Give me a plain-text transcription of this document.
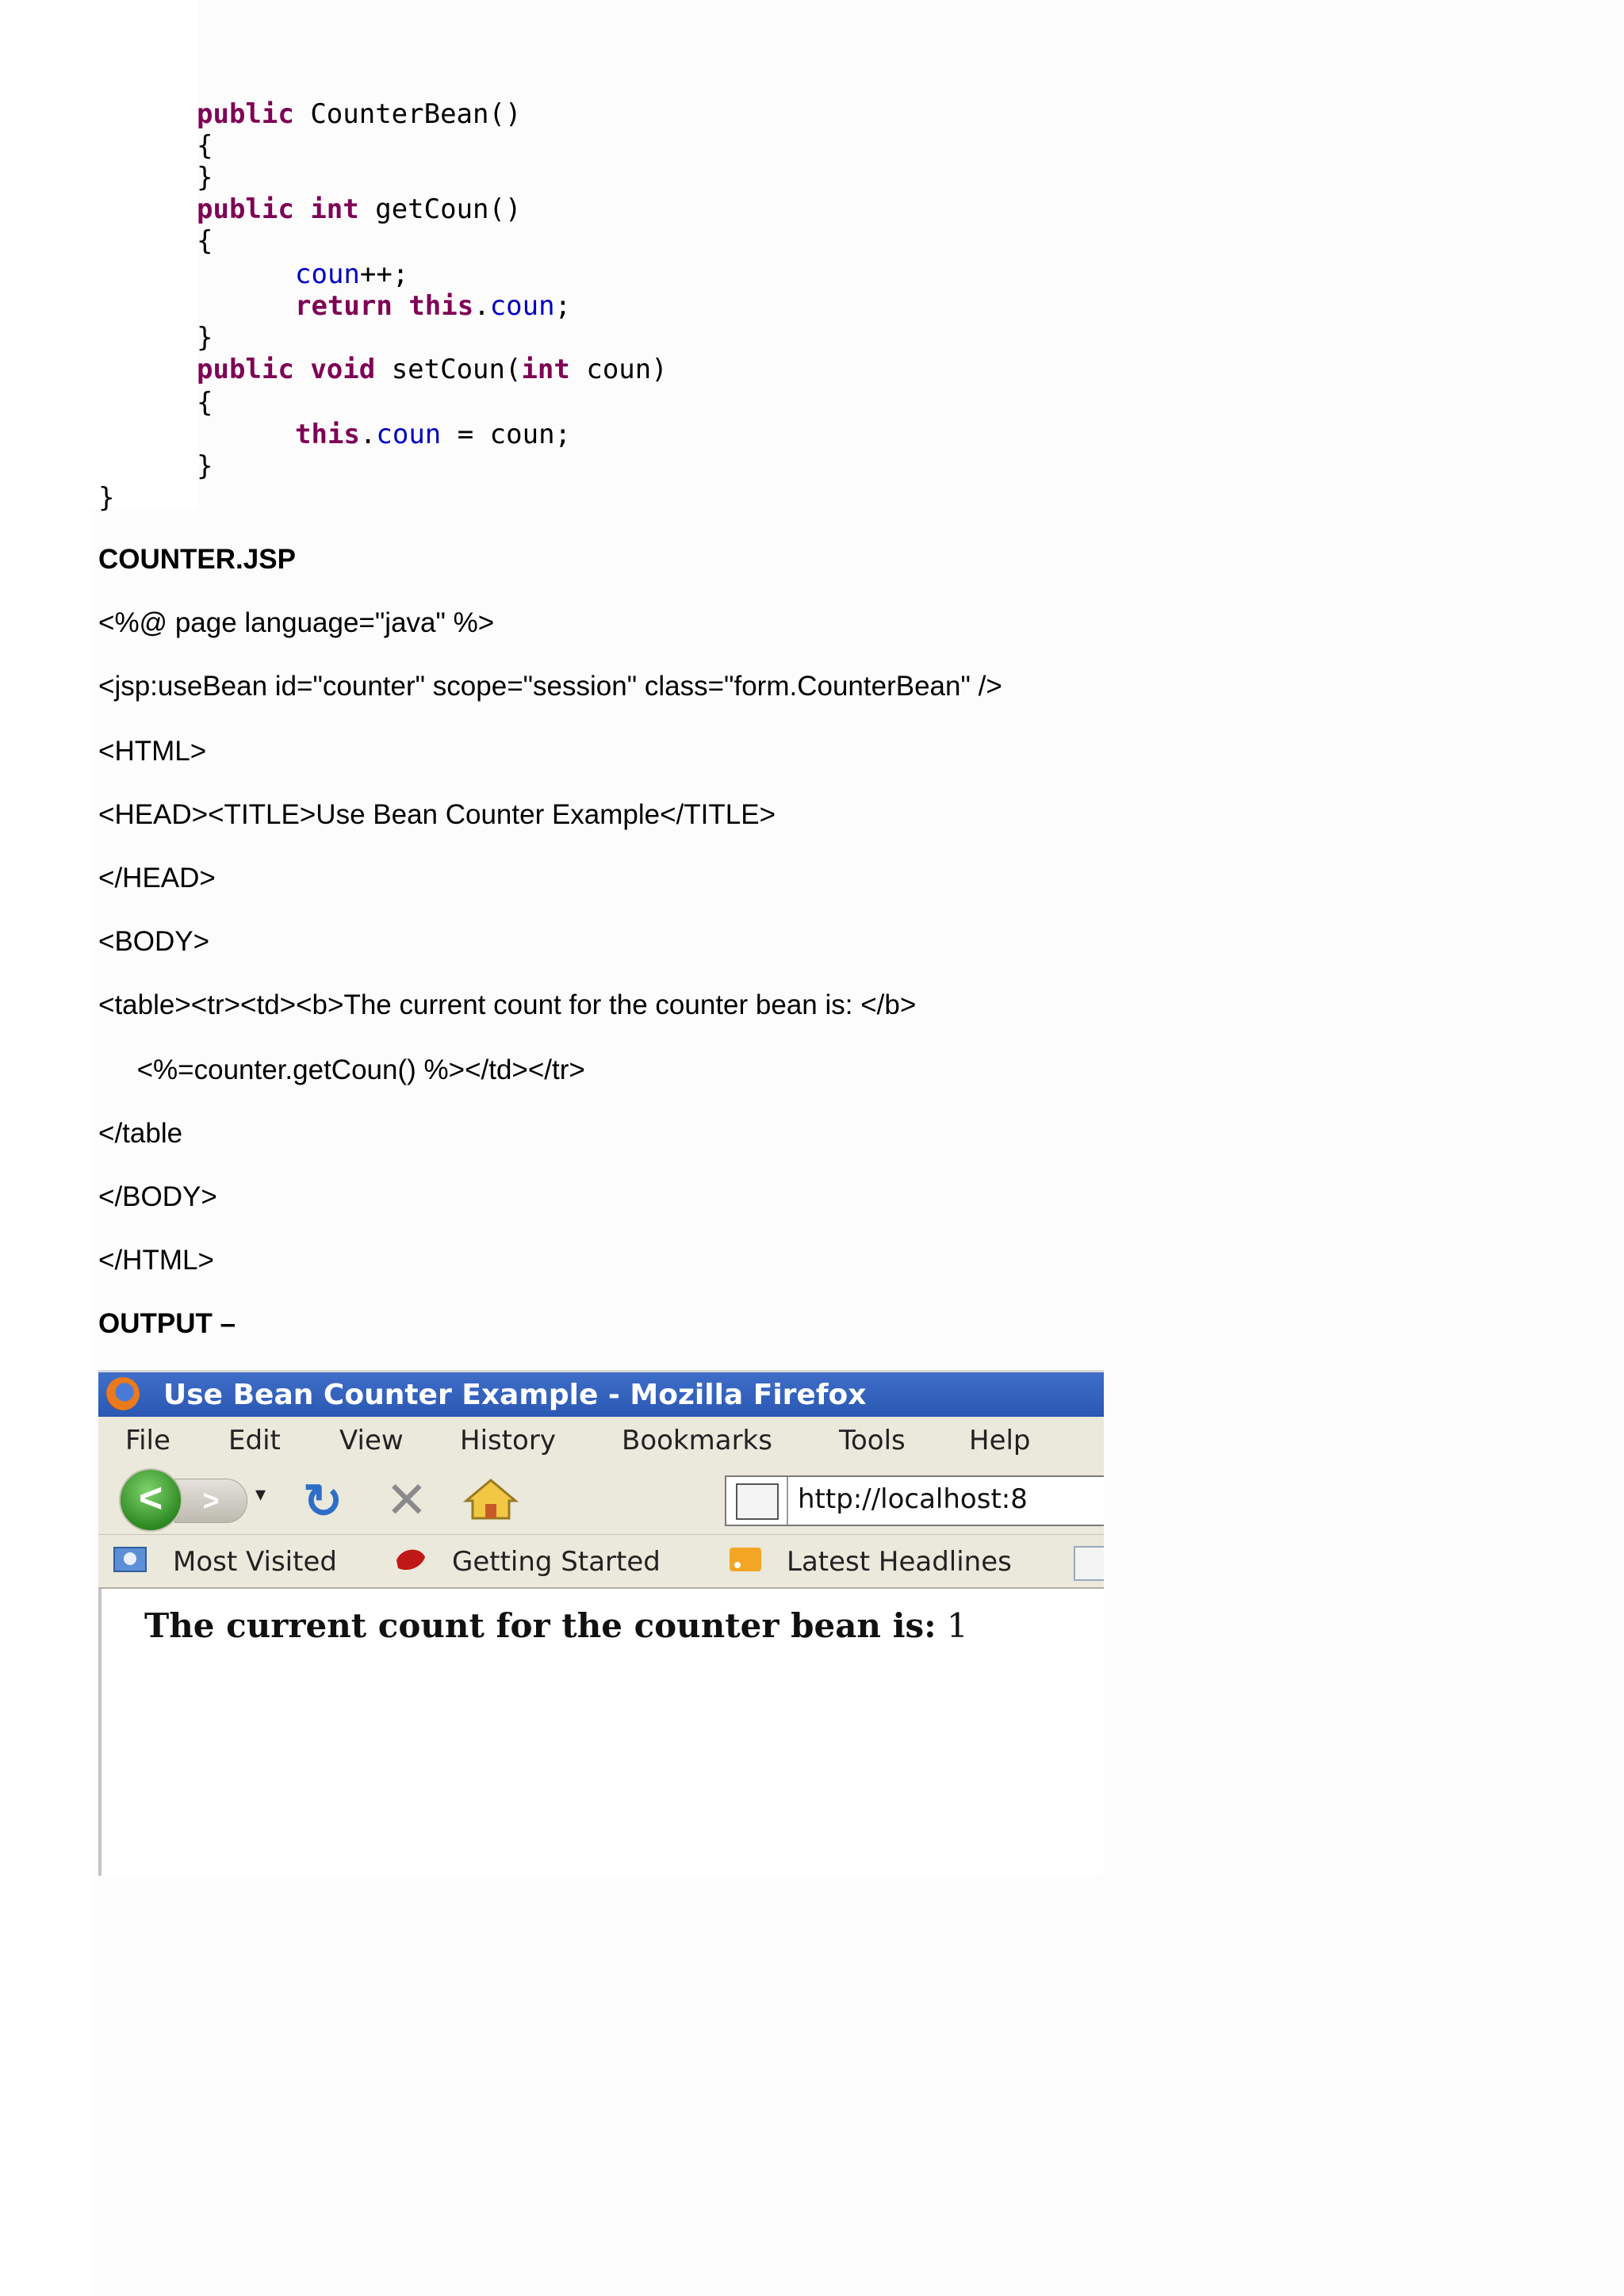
public CounterBean()
{
}
public int getCoun()
{
coun++;
return this.coun;
}
public void setCoun(int coun)
{
this.coun = coun;
}
}
COUNTER.JSP
<%@ page language="java" %>
<jsp:useBean id="counter" scope="session" class="form.CounterBean" />
<HTML>
<HEAD><TITLE>Use Bean Counter Example</TITLE>
</HEAD>
<BODY>
<table><tr><td><b>The current count for the counter bean is: </b>
<%=counter.getCoun() %></td></tr>
</table
</BODY>
</HTML>
OUTPUT –
Use Bean Counter Example - Mozilla Firefox
File Edit View History Bookmarks Tools Help
>
<	▾ ↻ ✕	http://localhost:8
Most Visited	Getting Started	Latest Headlines
The current count for the counter bean is: 1
